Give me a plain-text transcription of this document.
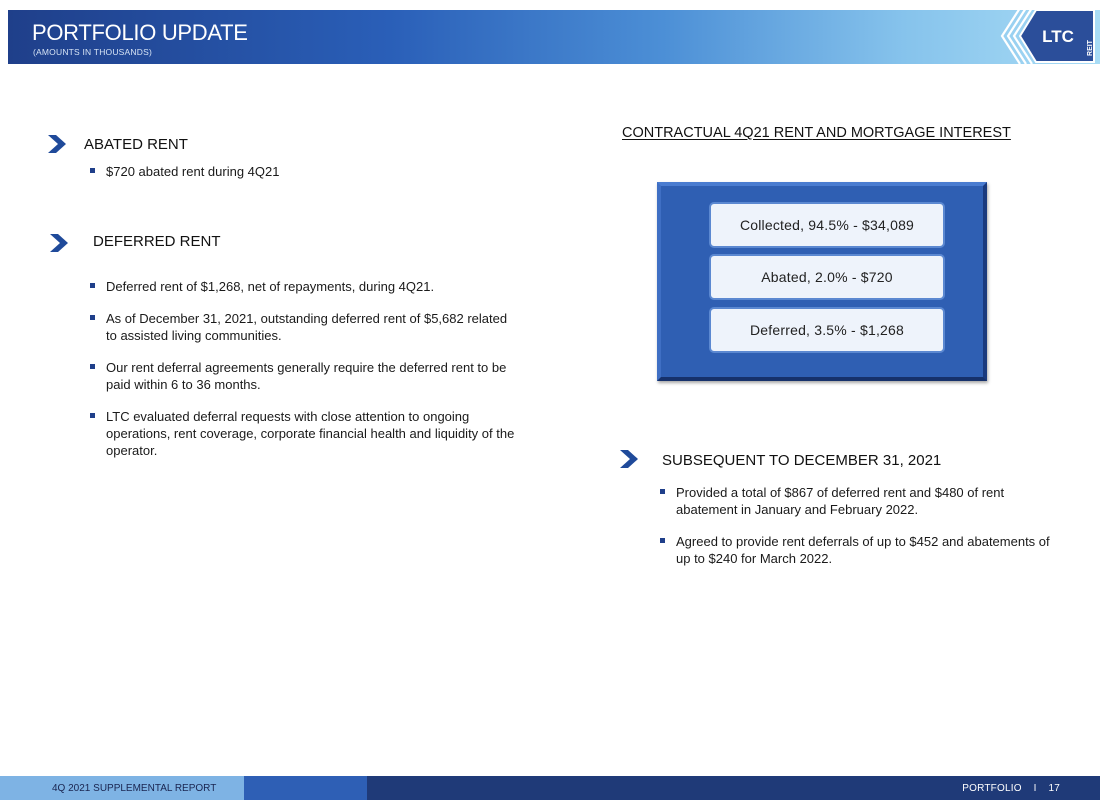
PORTFOLIO UPDATE
(AMOUNTS IN THOUSANDS)
LTC
REIT
ABATED RENT
$720 abated rent during 4Q21
DEFERRED RENT
Deferred rent of $1,268, net of repayments, during 4Q21.
As of December 31, 2021, outstanding deferred rent of $5,682 related to assisted living communities.
Our rent deferral agreements generally require the deferred rent to be paid within 6 to 36 months.
LTC evaluated deferral requests with close attention to ongoing operations, rent coverage, corporate financial health and liquidity of the operator.
CONTRACTUAL 4Q21 RENT AND MORTGAGE INTEREST
Collected, 94.5% - $34,089
Abated, 2.0% - $720
Deferred, 3.5% - $1,268
SUBSEQUENT TO DECEMBER 31, 2021
Provided a total of $867 of deferred rent and $480 of rent abatement in January and February 2022.
Agreed to provide rent deferrals of up to $452 and abatements of up to $240 for March 2022.
4Q 2021 SUPPLEMENTAL REPORT	PORTFOLIO    I    17
